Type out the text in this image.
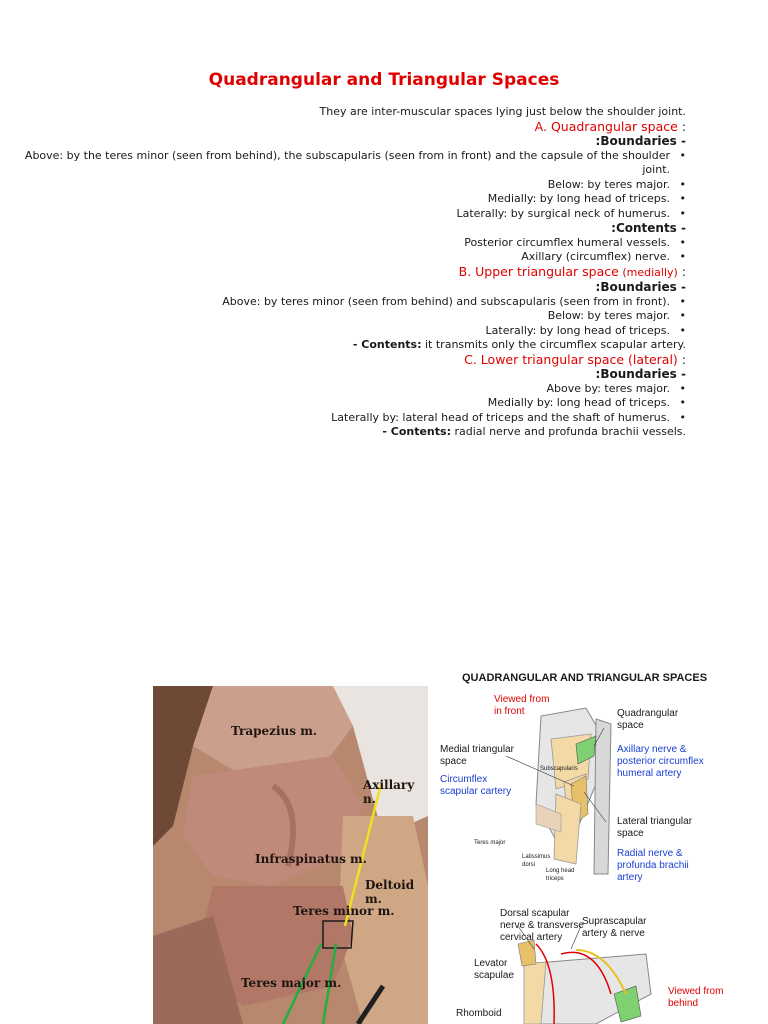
Quadrangular and Triangular Spaces
They are inter-muscular spaces lying just below the shoulder joint.
A. Quadrangular space :
- Boundaries:
• Above: by the teres minor (seen from behind), the subscapularis (seen from in front) and the capsule of the shoulder
joint.
• Below: by teres major.
• Medially: by long head of triceps.
• Laterally: by surgical neck of humerus.
- Contents:
• Posterior circumflex humeral vessels.
• Axillary (circumflex) nerve.
B. Upper triangular space (medially) :
- Boundaries:
• Above: by teres minor (seen from behind) and subscapularis (seen from in front).
• Below: by teres major.
• Laterally: by long head of triceps.
- Contents: it transmits only the circumflex scapular artery.
C. Lower triangular space (lateral) :
- Boundaries:
• Above by: teres major.
• Medially by: long head of triceps.
• Laterally by: lateral head of triceps and the shaft of humerus.
- Contents: radial nerve and profunda brachii vessels.
Trapezius m.
Axillary n.
Infraspinatus m.
Deltoid m.
Teres minor m.
Teres major m.
QUADRANGULAR AND TRIANGULAR SPACES
Viewed from
in front	Quadrangular
space
Axillary nerve &
posterior circumflex
humeral artery
Medial triangular
space
Circumflex
scapular cartery
Subscapularis
Lateral triangular
space
Radial nerve &
profunda brachii
artery
Teres major
Latissimus
dorsi
Long head
triceps
Dorsal scapular
nerve & transverse
cervical artery
Suprascapular
artery & nerve
Levator
scapulae
Viewed from
behind
Rhomboid
